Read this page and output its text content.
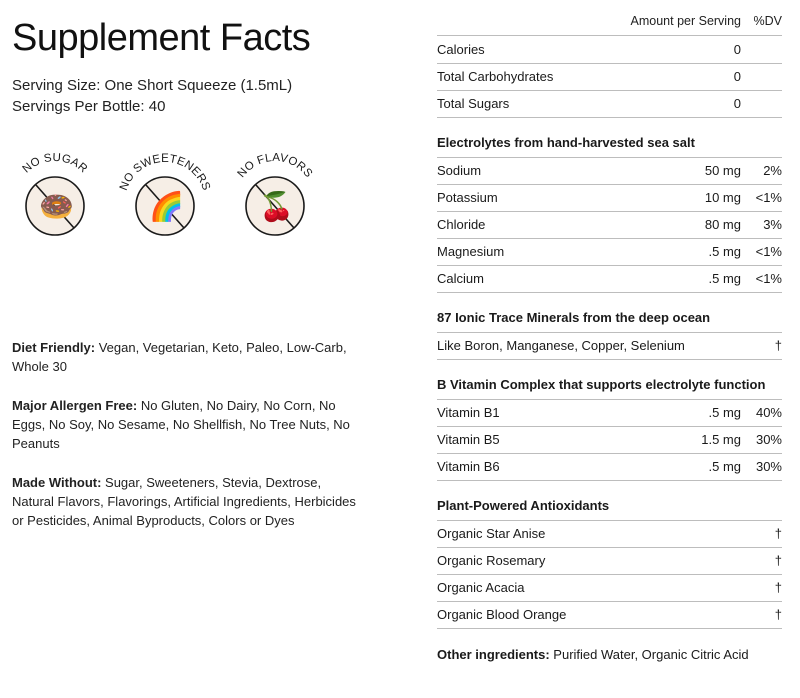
Supplement Facts
Serving Size: One Short Squeeze (1.5mL)
Servings Per Bottle: 40
NO SUGAR
🍩
NO SWEETENERS
🌈
NO FLAVORS
🍒
Diet Friendly: Vegan, Vegetarian, Keto, Paleo, Low-Carb, Whole 30
Major Allergen Free: No Gluten, No Dairy, No Corn, No Eggs, No Soy, No Sesame, No Shellfish, No Tree Nuts, No Peanuts
Made Without: Sugar, Sweeteners, Stevia, Dextrose, Natural Flavors, Flavorings, Artificial Ingredients, Herbicides or Pesticides, Animal Byproducts, Colors or Dyes
Amount per Serving %DV
Calories	0
Total Carbohydrates	0
Total Sugars	0
Electrolytes from hand-harvested sea salt
Sodium	50 mg 2%
Potassium	10 mg <1%
Chloride	80 mg 3%
Magnesium	.5 mg <1%
Calcium	.5 mg <1%
87 Ionic Trace Minerals from the deep ocean
Like Boron, Manganese, Copper, Selenium	†
B Vitamin Complex that supports electrolyte function
Vitamin B1	.5 mg 40%
Vitamin B5	1.5 mg 30%
Vitamin B6	.5 mg 30%
Plant-Powered Antioxidants
Organic Star Anise	†
Organic Rosemary	†
Organic Acacia	†
Organic Blood Orange	†
Other ingredients: Purified Water, Organic Citric Acid
